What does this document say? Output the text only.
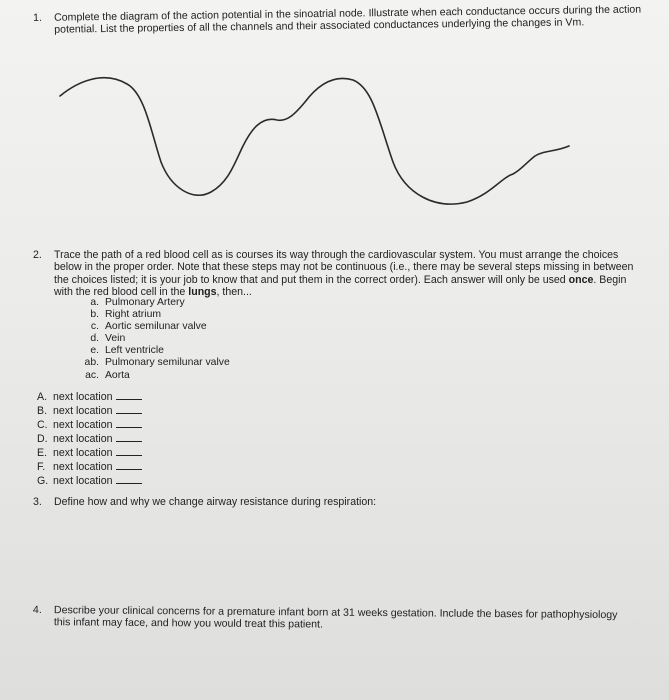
1. Complete the diagram of the action potential in the sinoatrial node. Illustrate when each conductance occurs during the action potential. List the properties of all the channels and their associated conductances underlying the changes in Vm.
2. Trace the path of a red blood cell as is courses its way through the cardiovascular system. You must arrange the choices below in the proper order. Note that these steps may not be continuous (i.e., there may be several steps missing in between the choices listed; it is your job to know that and put them in the correct order). Each answer will only be used once. Begin with the red blood cell in the lungs, then...
a. Pulmonary Artery
b. Right atrium
c. Aortic semilunar valve
d. Vein
e. Left ventricle
ab. Pulmonary semilunar valve
ac. Aorta
A. next location
B. next location
C. next location
D. next location
E. next location
F. next location
G. next location
3. Define how and why we change airway resistance during respiration:
4. Describe your clinical concerns for a premature infant born at 31 weeks gestation. Include the bases for pathophysiology this infant may face, and how you would treat this patient.
